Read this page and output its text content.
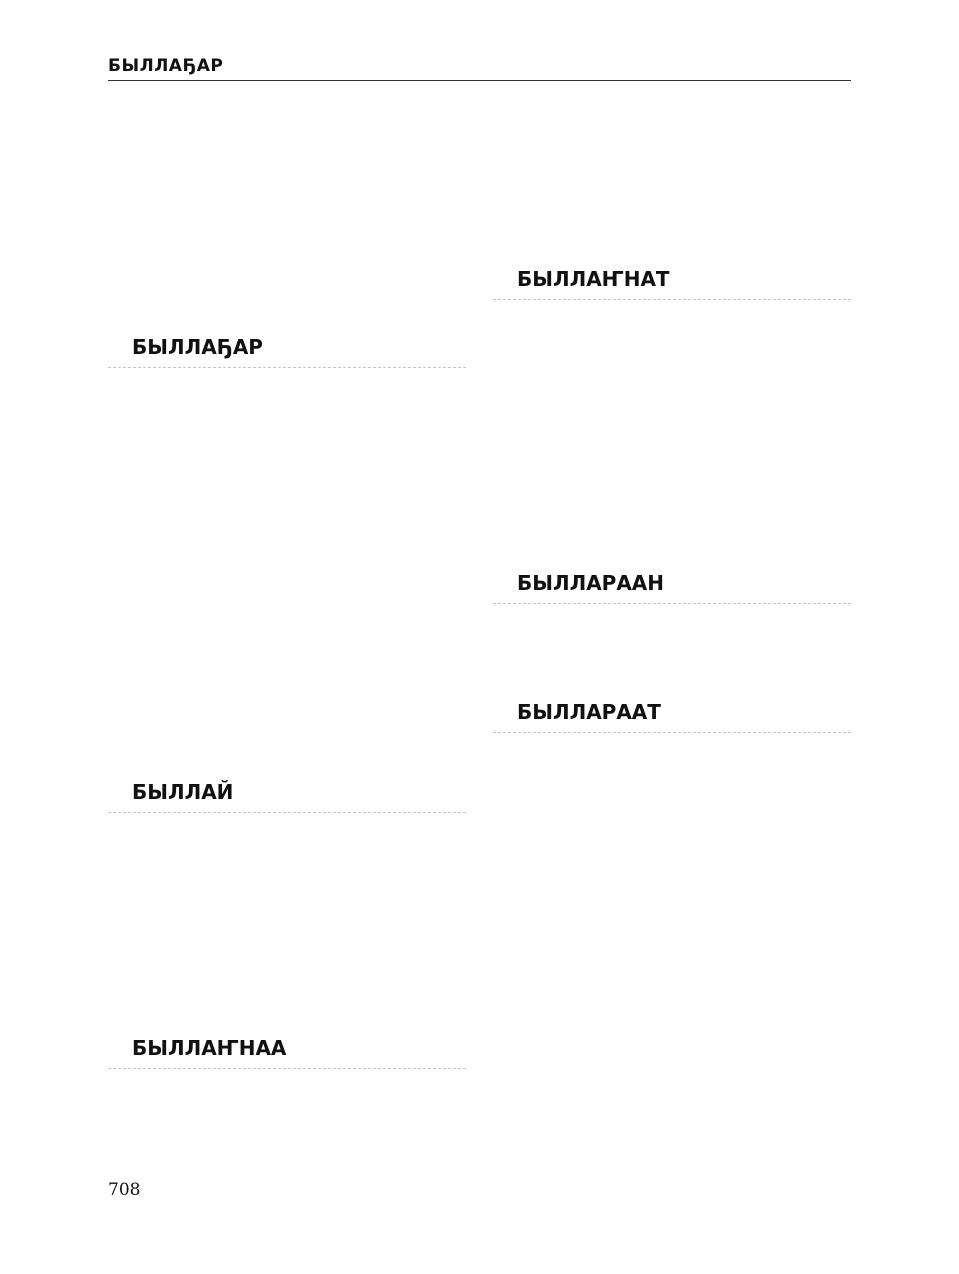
БЫЛЛАҔАР
БЫЛЛАҔАР
БЫЛЛАЙ
БЫЛЛАҤНАА
БЫЛЛАҤНАТ
БЫЛЛАРААН
БЫЛЛАРААТ
708
